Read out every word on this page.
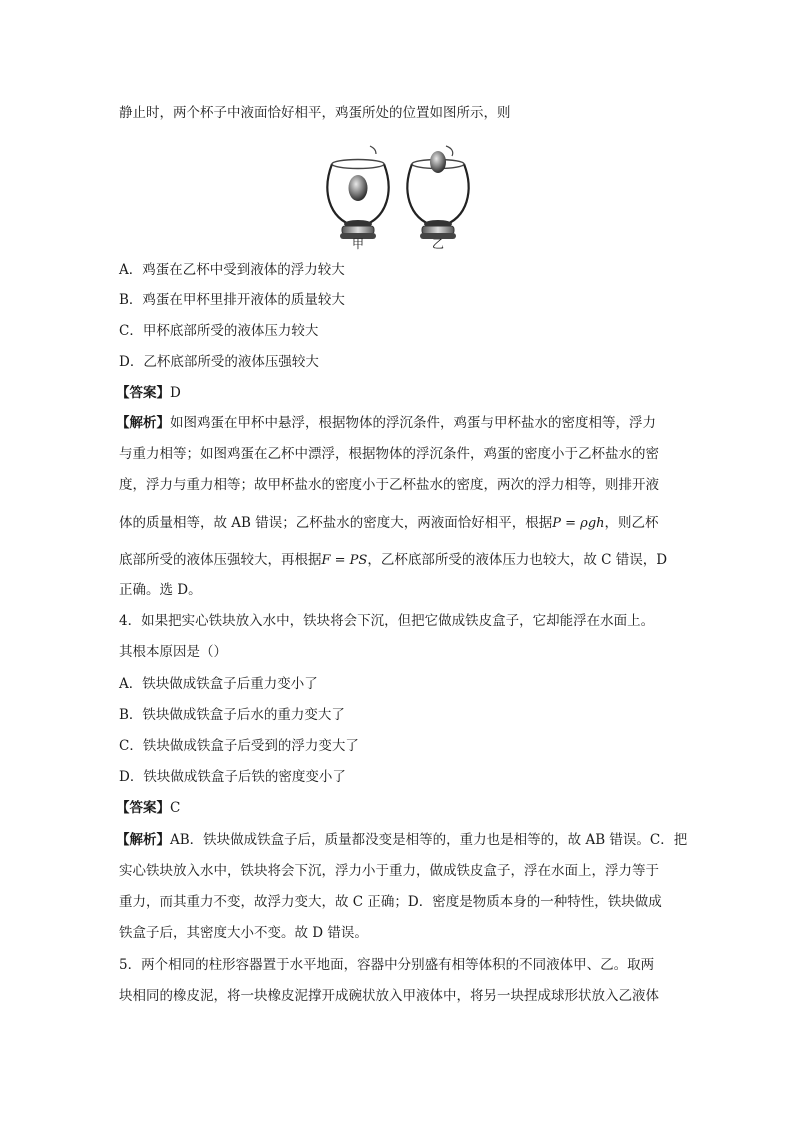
静止时，两个杯子中液面恰好相平，鸡蛋所处的位置如图所示，则
甲	乙
A．鸡蛋在乙杯中受到液体的浮力较大
B．鸡蛋在甲杯里排开液体的质量较大
C．甲杯底部所受的液体压力较大
D．乙杯底部所受的液体压强较大
【答案】D
【解析】如图鸡蛋在甲杯中悬浮，根据物体的浮沉条件，鸡蛋与甲杯盐水的密度相等，浮力
与重力相等；如图鸡蛋在乙杯中漂浮，根据物体的浮沉条件，鸡蛋的密度小于乙杯盐水的密
度，浮力与重力相等；故甲杯盐水的密度小于乙杯盐水的密度，两次的浮力相等，则排开液
体的质量相等，故 AB 错误；乙杯盐水的密度大，两液面恰好相平，根据P = ρgh，则乙杯
底部所受的液体压强较大，再根据F = PS，乙杯底部所受的液体压力也较大，故 C 错误，D
正确。选 D。
4．如果把实心铁块放入水中，铁块将会下沉，但把它做成铁皮盒子，它却能浮在水面上。
其根本原因是（）
A．铁块做成铁盒子后重力变小了
B．铁块做成铁盒子后水的重力变大了
C．铁块做成铁盒子后受到的浮力变大了
D．铁块做成铁盒子后铁的密度变小了
【答案】C
【解析】AB．铁块做成铁盒子后，质量都没变是相等的，重力也是相等的，故 AB 错误。C．把
实心铁块放入水中，铁块将会下沉，浮力小于重力，做成铁皮盒子，浮在水面上，浮力等于
重力，而其重力不变，故浮力变大，故 C 正确；D．密度是物质本身的一种特性，铁块做成
铁盒子后，其密度大小不变。故 D 错误。
5．两个相同的柱形容器置于水平地面，容器中分别盛有相等体积的不同液体甲、乙。取两
块相同的橡皮泥，将一块橡皮泥撑开成碗状放入甲液体中，将另一块捏成球形状放入乙液体
